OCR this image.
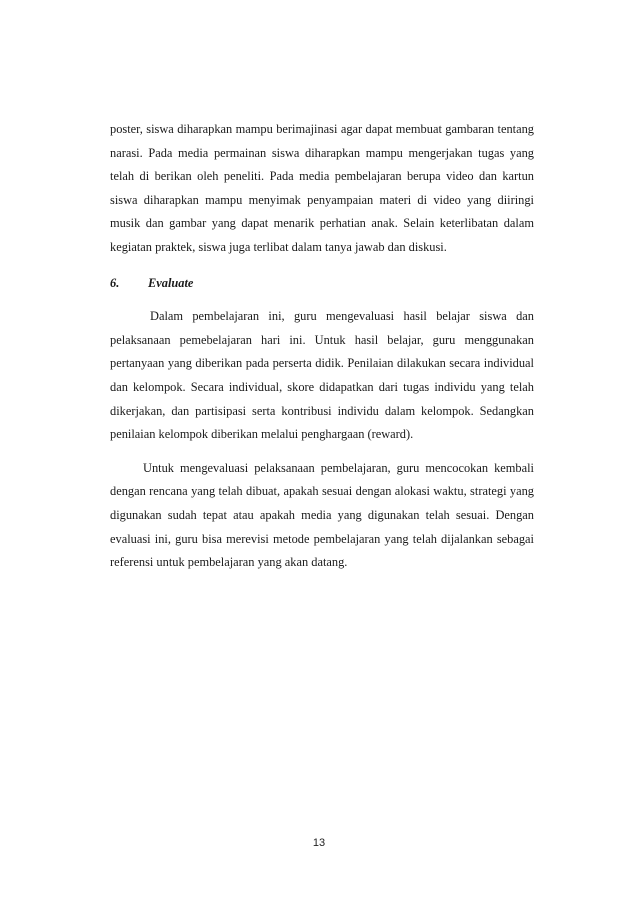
poster, siswa diharapkan mampu berimajinasi agar dapat membuat gambaran tentang narasi. Pada media permainan siswa diharapkan mampu mengerjakan tugas yang telah di berikan oleh peneliti. Pada media pembelajaran berupa video dan kartun siswa diharapkan mampu menyimak penyampaian materi di video yang diiringi musik dan gambar yang dapat menarik perhatian anak. Selain keterlibatan dalam kegiatan praktek, siswa juga terlibat dalam tanya jawab dan diskusi.

6.	Evaluate

Dalam pembelajaran ini, guru mengevaluasi hasil belajar siswa dan pelaksanaan pemebelajaran hari ini. Untuk hasil belajar, guru menggunakan pertanyaan yang diberikan pada perserta didik. Penilaian dilakukan secara individual dan kelompok. Secara individual, skore didapatkan dari tugas individu yang telah dikerjakan, dan partisipasi serta kontribusi individu dalam kelompok. Sedangkan penilaian kelompok diberikan melalui penghargaan (reward).

Untuk mengevaluasi pelaksanaan pembelajaran, guru mencocokan kembali dengan rencana yang telah dibuat, apakah sesuai dengan alokasi waktu, strategi yang digunakan sudah tepat atau apakah media yang digunakan telah sesuai. Dengan evaluasi ini, guru bisa merevisi metode pembelajaran yang telah dijalankan sebagai referensi untuk pembelajaran yang akan datang.

13
